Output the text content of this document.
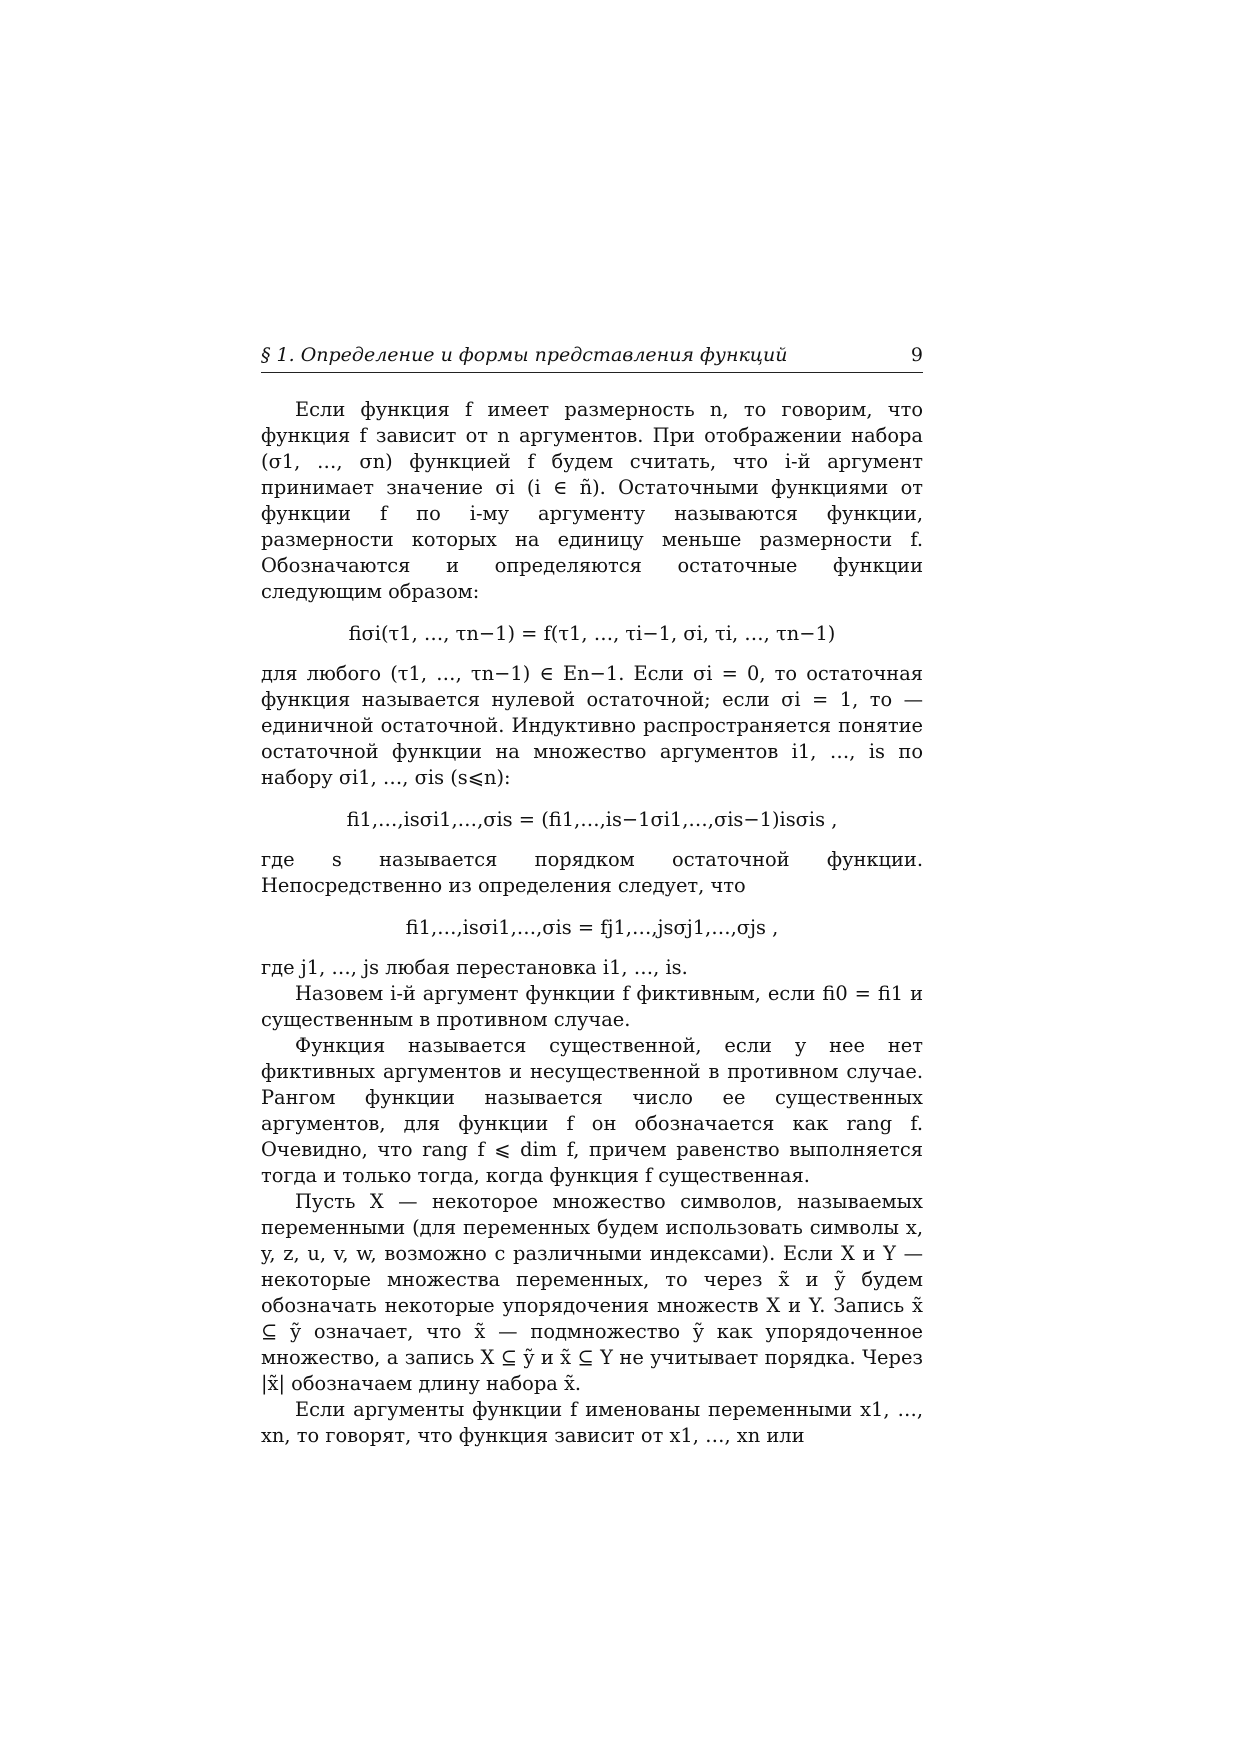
§ 1. Определение и формы представления функций	9

Если функция f имеет размерность n, то говорим, что функция f зависит от n аргументов. При отображении набора (σ1, …, σn) функцией f будем считать, что i-й аргумент принимает значение σi (i ∈ ñ). Остаточными функциями от функции f по i-му аргументу называются функции, размерности которых на единицу меньше размерности f. Обозначаются и определяются остаточные функции следующим образом:

fiσi(τ1, …, τn−1) = f(τ1, …, τi−1, σi, τi, …, τn−1)

для любого (τ1, …, τn−1) ∈ En−1. Если σi = 0, то остаточная функция называется нулевой остаточной; если σi = 1, то — единичной остаточной. Индуктивно распространяется понятие остаточной функции на множество аргументов i1, …, is по набору σi1, …, σis (s⩽n):

fi1,…,isσi1,…,σis = (fi1,…,is−1σi1,…,σis−1)isσis ,

где s называется порядком остаточной функции. Непосредственно из определения следует, что

fi1,…,isσi1,…,σis = fj1,…,jsσj1,…,σjs ,

где j1, …, js любая перестановка i1, …, is.

Назовем i-й аргумент функции f фиктивным, если fi0 = fi1 и существенным в противном случае.

Функция называется существенной, если у нее нет фиктивных аргументов и несущественной в противном случае. Рангом функции называется число ее существенных аргументов, для функции f он обозначается как rang f. Очевидно, что rang f ⩽ dim f, причем равенство выполняется тогда и только тогда, когда функция f существенная.

Пусть X — некоторое множество символов, называемых переменными (для переменных будем использовать символы x, y, z, u, v, w, возможно с различными индексами). Если X и Y — некоторые множества переменных, то через x̃ и ỹ будем обозначать некоторые упорядочения множеств X и Y. Запись x̃ ⊆ ỹ означает, что x̃ — подмножество ỹ как упорядоченное множество, а запись X ⊆ ỹ и x̃ ⊆ Y не учитывает порядка. Через |x̃| обозначаем длину набора x̃.

Если аргументы функции f именованы переменными x1, …, xn, то говорят, что функция зависит от x1, …, xn или
